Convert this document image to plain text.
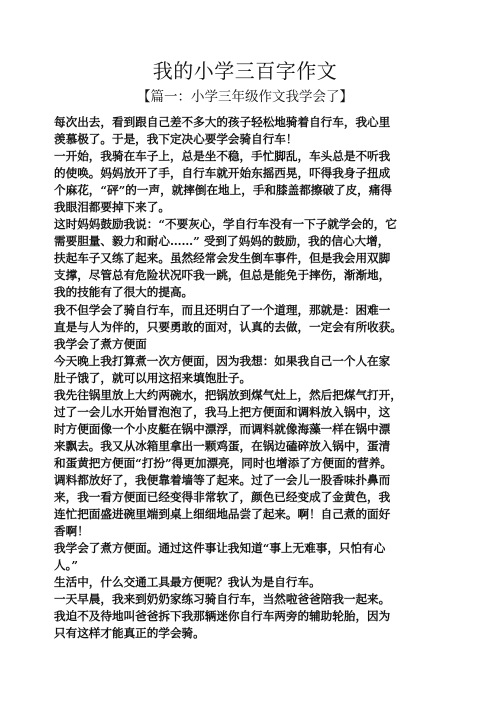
我的小学三百字作文
【篇一：小学三年级作文我学会了】
每次出去，看到跟自己差不多大的孩子轻松地骑着自行车，我心里
羡慕极了。于是，我下定决心要学会骑自行车！
一开始，我骑在车子上，总是坐不稳，手忙脚乱，车头总是不听我
的使唤。妈妈放开了手，自行车就开始东摇西晃，吓得我身子扭成
个麻花，“砰”的一声，就摔倒在地上，手和膝盖都擦破了皮，痛得
我眼泪都要掉下来了。
这时妈妈鼓励我说：“不要灰心，学自行车没有一下子就学会的，它
需要胆量、毅力和耐心……” 受到了妈妈的鼓励，我的信心大增，
扶起车子又练了起来。虽然经常会发生倒车事件，但是我会用双脚
支撑，尽管总有危险状况吓我一跳，但总是能免于摔伤，渐渐地，
我的技能有了很大的提高。
我不但学会了骑自行车，而且还明白了一个道理，那就是：困难一
直是与人为伴的，只要勇敢的面对，认真的去做，一定会有所收获。
我学会了煮方便面
今天晚上我打算煮一次方便面，因为我想：如果我自己一个人在家
肚子饿了，就可以用这招来填饱肚子。
我先往锅里放上大约两碗水，把锅放到煤气灶上，然后把煤气打开，
过了一会儿水开始冒泡泡了，我马上把方便面和调料放入锅中，这
时方便面像一个小皮艇在锅中漂浮，而调料就像海藻一样在锅中漂
来飘去。我又从冰箱里拿出一颗鸡蛋，在锅边磕碎放入锅中，蛋清
和蛋黄把方便面“打扮”得更加漂亮，同时也增添了方便面的营养。
调料都放好了，我便靠着墙等了起来。过了一会儿一股香味扑鼻而
来，我一看方便面已经变得非常软了，颜色已经变成了金黄色，我
连忙把面盛进碗里端到桌上细细地品尝了起来。啊！自己煮的面好
香啊！
我学会了煮方便面。通过这件事让我知道“事上无难事，只怕有心
人。”
生活中，什么交通工具最方便呢？我认为是自行车。
一天早晨，我来到奶奶家练习骑自行车，当然啦爸爸陪我一起来。
我迫不及待地叫爸爸拆下我那辆迷你自行车两旁的辅助轮胎，因为
只有这样才能真正的学会骑。
